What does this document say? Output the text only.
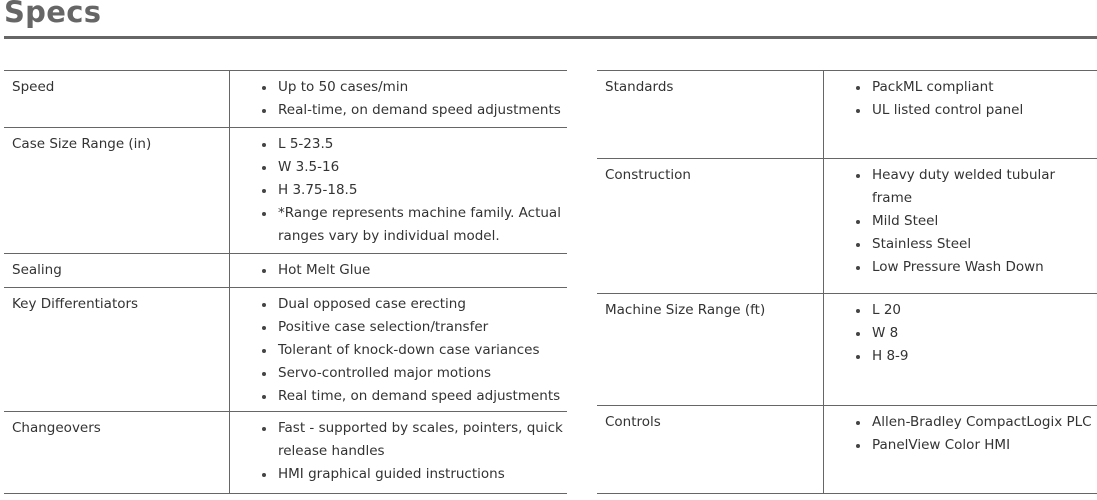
Specs
Speed	Up to 50 cases/min
Real-time, on demand speed adjustments
Case Size Range (in)	L 5-23.5
W 3.5-16
H 3.75-18.5
*Range represents machine family. Actual ranges vary by individual model.
Sealing	Hot Melt Glue
Key Differentiators	Dual opposed case erecting
Positive case selection/transfer
Tolerant of knock-down case variances
Servo-controlled major motions
Real time, on demand speed adjustments
Changeovers	Fast - supported by scales, pointers, quick release handles
HMI graphical guided instructions
Standards	PackML compliant
UL listed control panel
Construction	Heavy duty welded tubular frame
Mild Steel
Stainless Steel
Low Pressure Wash Down
Machine Size Range (ft)	L 20
W 8
H 8-9
Controls	Allen-Bradley CompactLogix PLC
PanelView Color HMI
